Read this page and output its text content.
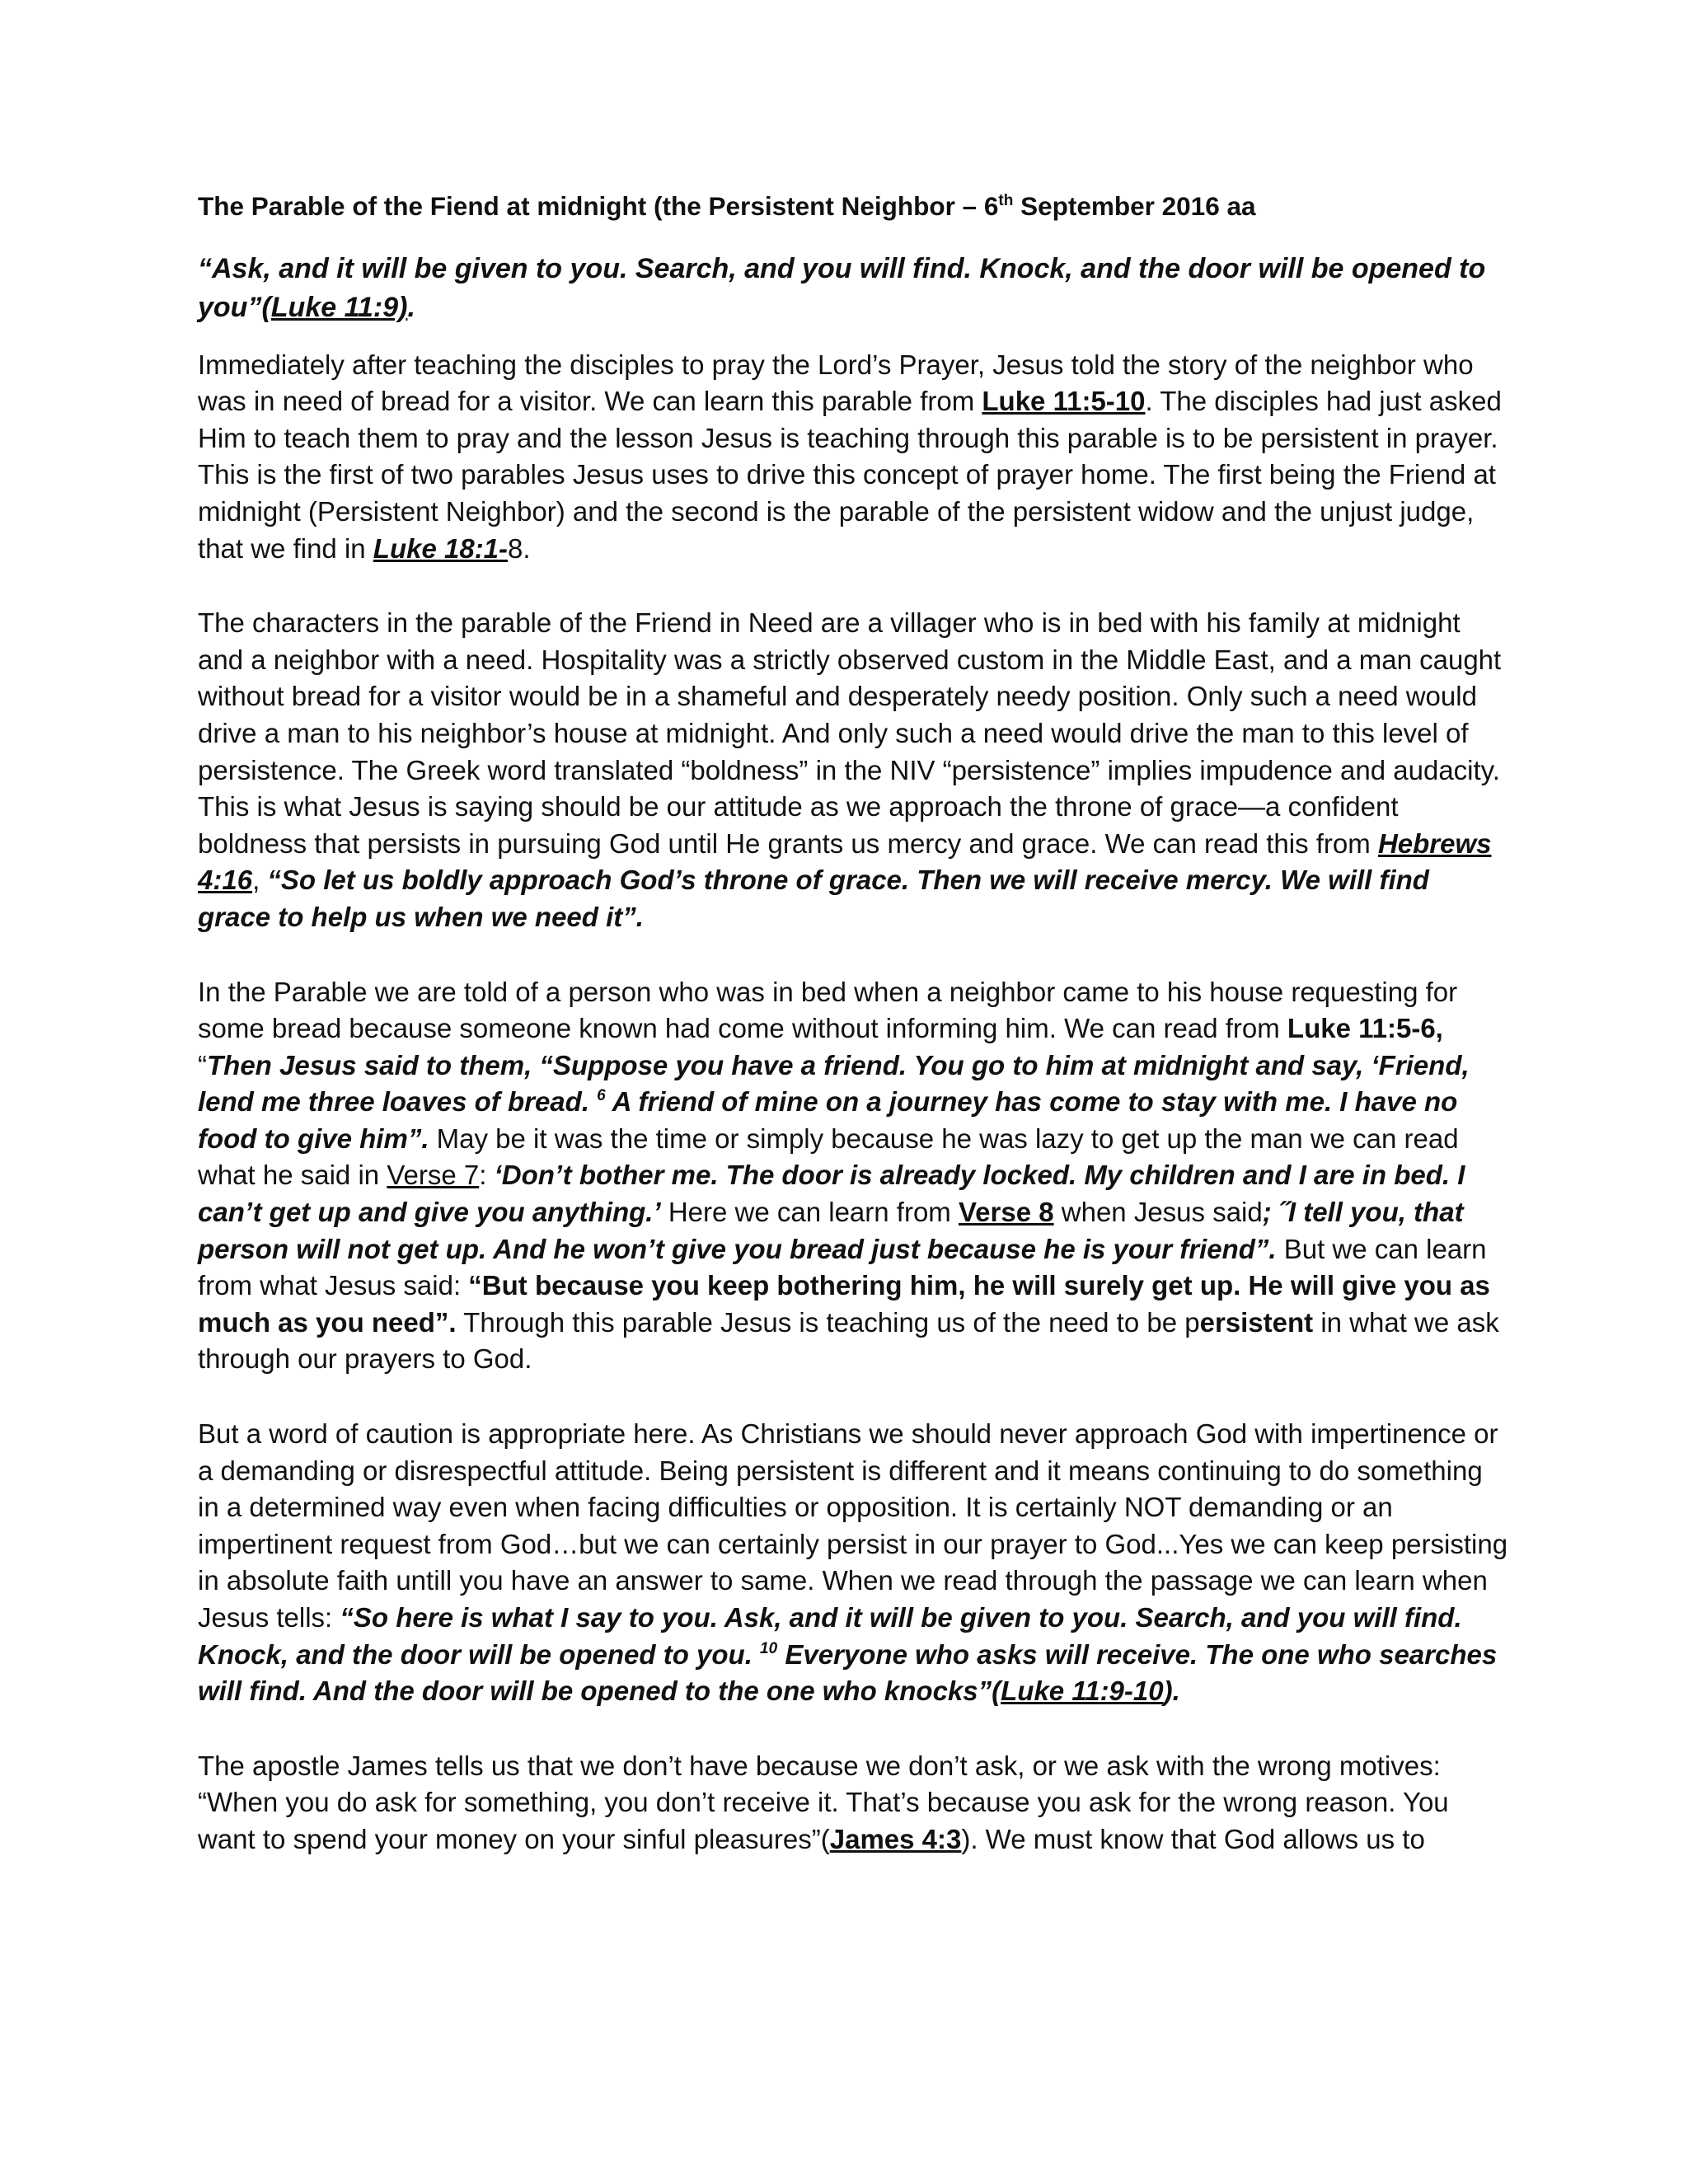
The Parable of the Fiend at midnight (the Persistent Neighbor – 6th September 2016 aa

“Ask, and it will be given to you. Search, and you will find. Knock, and the door will be opened to you”(Luke 11:9).

Immediately after teaching the disciples to pray the Lord’s Prayer, Jesus told the story of the neighbor who was in need of bread for a visitor. We can learn this parable from Luke 11:5-10. The disciples had just asked Him to teach them to pray and the lesson Jesus is teaching through this parable is to be persistent in prayer. This is the first of two parables Jesus uses to drive this concept of prayer home. The first being the Friend at midnight (Persistent Neighbor) and the second is the parable of the persistent widow and the unjust judge, that we find in Luke 18:1-8.

The characters in the parable of the Friend in Need are a villager who is in bed with his family at midnight and a neighbor with a need. Hospitality was a strictly observed custom in the Middle East, and a man caught without bread for a visitor would be in a shameful and desperately needy position. Only such a need would drive a man to his neighbor’s house at midnight. And only such a need would drive the man to this level of persistence. The Greek word translated “boldness” in the NIV “persistence” implies impudence and audacity. This is what Jesus is saying should be our attitude as we approach the throne of grace—a confident boldness that persists in pursuing God until He grants us mercy and grace. We can read this from Hebrews 4:16, “So let us boldly approach God’s throne of grace. Then we will receive mercy. We will find grace to help us when we need it”.

In the Parable we are told of a person who was in bed when a neighbor came to his house requesting for some bread because someone known had come without informing him. We can read from Luke 11:5-6, “Then Jesus said to them, “Suppose you have a friend. You go to him at midnight and say, ‘Friend, lend me three loaves of bread. $^6$ A friend of mine on a journey has come to stay with me. I have no food to give him”. May be it was the time or simply because he was lazy to get up the man we can read what he said in Verse 7: ‘Don’t bother me. The door is already locked. My children and I are in bed. I can’t get up and give you anything.’ Here we can learn from Verse 8 when Jesus said; ˝I tell you, that person will not get up. And he won’t give you bread just because he is your friend”. But we can learn from what Jesus said: “But because you keep bothering him, he will surely get up. He will give you as much as you need”. Through this parable Jesus is teaching us of the need to be persistent in what we ask through our prayers to God.

But a word of caution is appropriate here. As Christians we should never approach God with impertinence or a demanding or disrespectful attitude. Being persistent is different and it means continuing to do something in a determined way even when facing difficulties or opposition. It is certainly NOT demanding or an impertinent request from God…but we can certainly persist in our prayer to God...Yes we can keep persisting in absolute faith untill you have an answer to same. When we read through the passage we can learn when Jesus tells: “So here is what I say to you. Ask, and it will be given to you. Search, and you will find. Knock, and the door will be opened to you. $^{10}$ Everyone who asks will receive. The one who searches will find. And the door will be opened to the one who knocks”(Luke 11:9-10).

The apostle James tells us that we don’t have because we don’t ask, or we ask with the wrong motives: “When you do ask for something, you don’t receive it. That’s because you ask for the wrong reason. You want to spend your money on your sinful pleasures”(James 4:3). We must know that God allows us to
